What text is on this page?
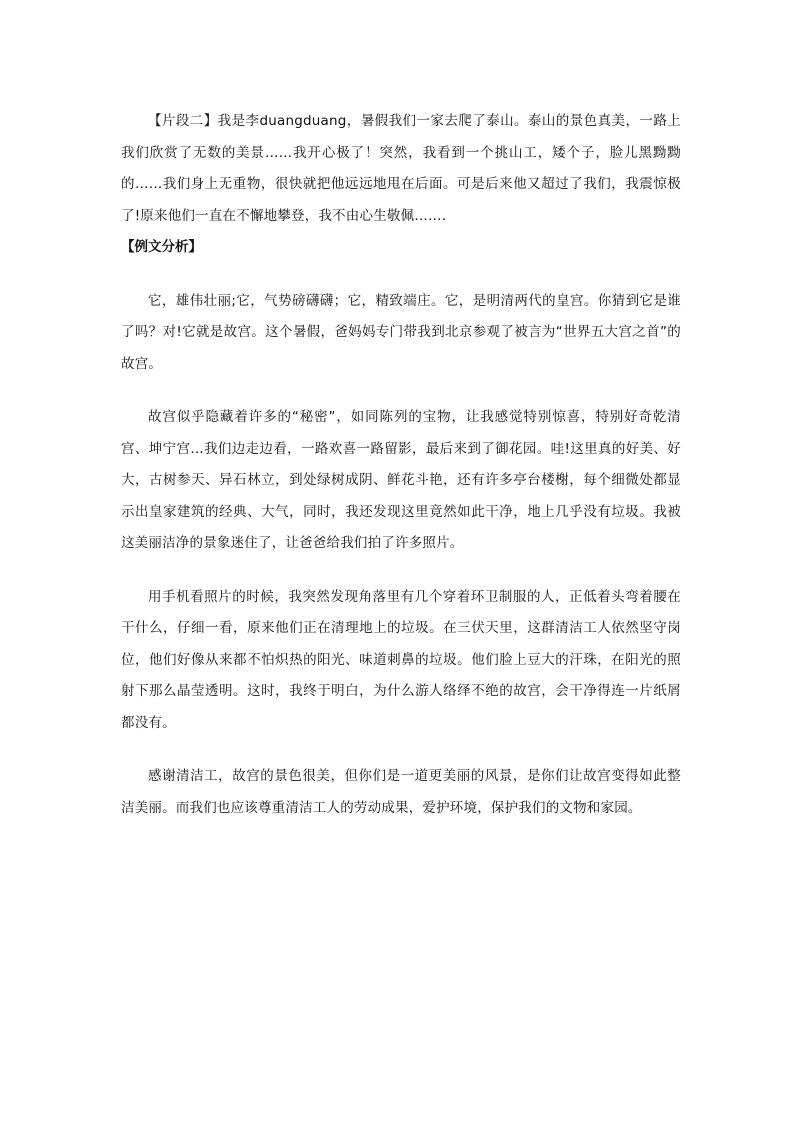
【片段二】我是李duangduang，暑假我们一家去爬了泰山。泰山的景色真美，一路上我们欣赏了无数的美景……我开心极了！突然，我看到一个挑山工，矮个子，脸儿黑黝黝的……我们身上无重物，很快就把他远远地甩在后面。可是后来他又超过了我们，我震惊极了!原来他们一直在不懈地攀登，我不由心生敬佩…….

【例文分析】

它，雄伟壮丽;它，气势磅礴礴；它，精致端庄。它，是明清两代的皇宫。你猜到它是谁了吗？对!它就是故宫。这个暑假，爸妈妈专门带我到北京参观了被言为“世界五大宫之首”的故宫。

故宫似乎隐藏着许多的“秘密”，如同陈列的宝物，让我感觉特别惊喜，特别好奇乾清宫、坤宁宫...我们边走边看，一路欢喜一路留影，最后来到了御花园。哇!这里真的好美、好大，古树参天、异石林立，到处绿树成阴、鲜花斗艳，还有许多亭台楼榭，每个细微处都显示出皇家建筑的经典、大气，同时，我还发现这里竟然如此干净，地上几乎没有垃圾。我被这美丽洁净的景象迷住了，让爸爸给我们拍了许多照片。

用手机看照片的时候，我突然发现角落里有几个穿着环卫制服的人，正低着头弯着腰在干什么，仔细一看，原来他们正在清理地上的垃圾。在三伏天里，这群清洁工人依然坚守岗位，他们好像从来都不怕炽热的阳光、味道刺鼻的垃圾。他们脸上豆大的汗珠，在阳光的照射下那么晶莹透明。这时，我终于明白，为什么游人络绎不绝的故宫，会干净得连一片纸屑都没有。

感谢清洁工，故宫的景色很美，但你们是一道更美丽的风景，是你们让故宫变得如此整洁美丽。而我们也应该尊重清洁工人的劳动成果，爱护环境，保护我们的文物和家园。
